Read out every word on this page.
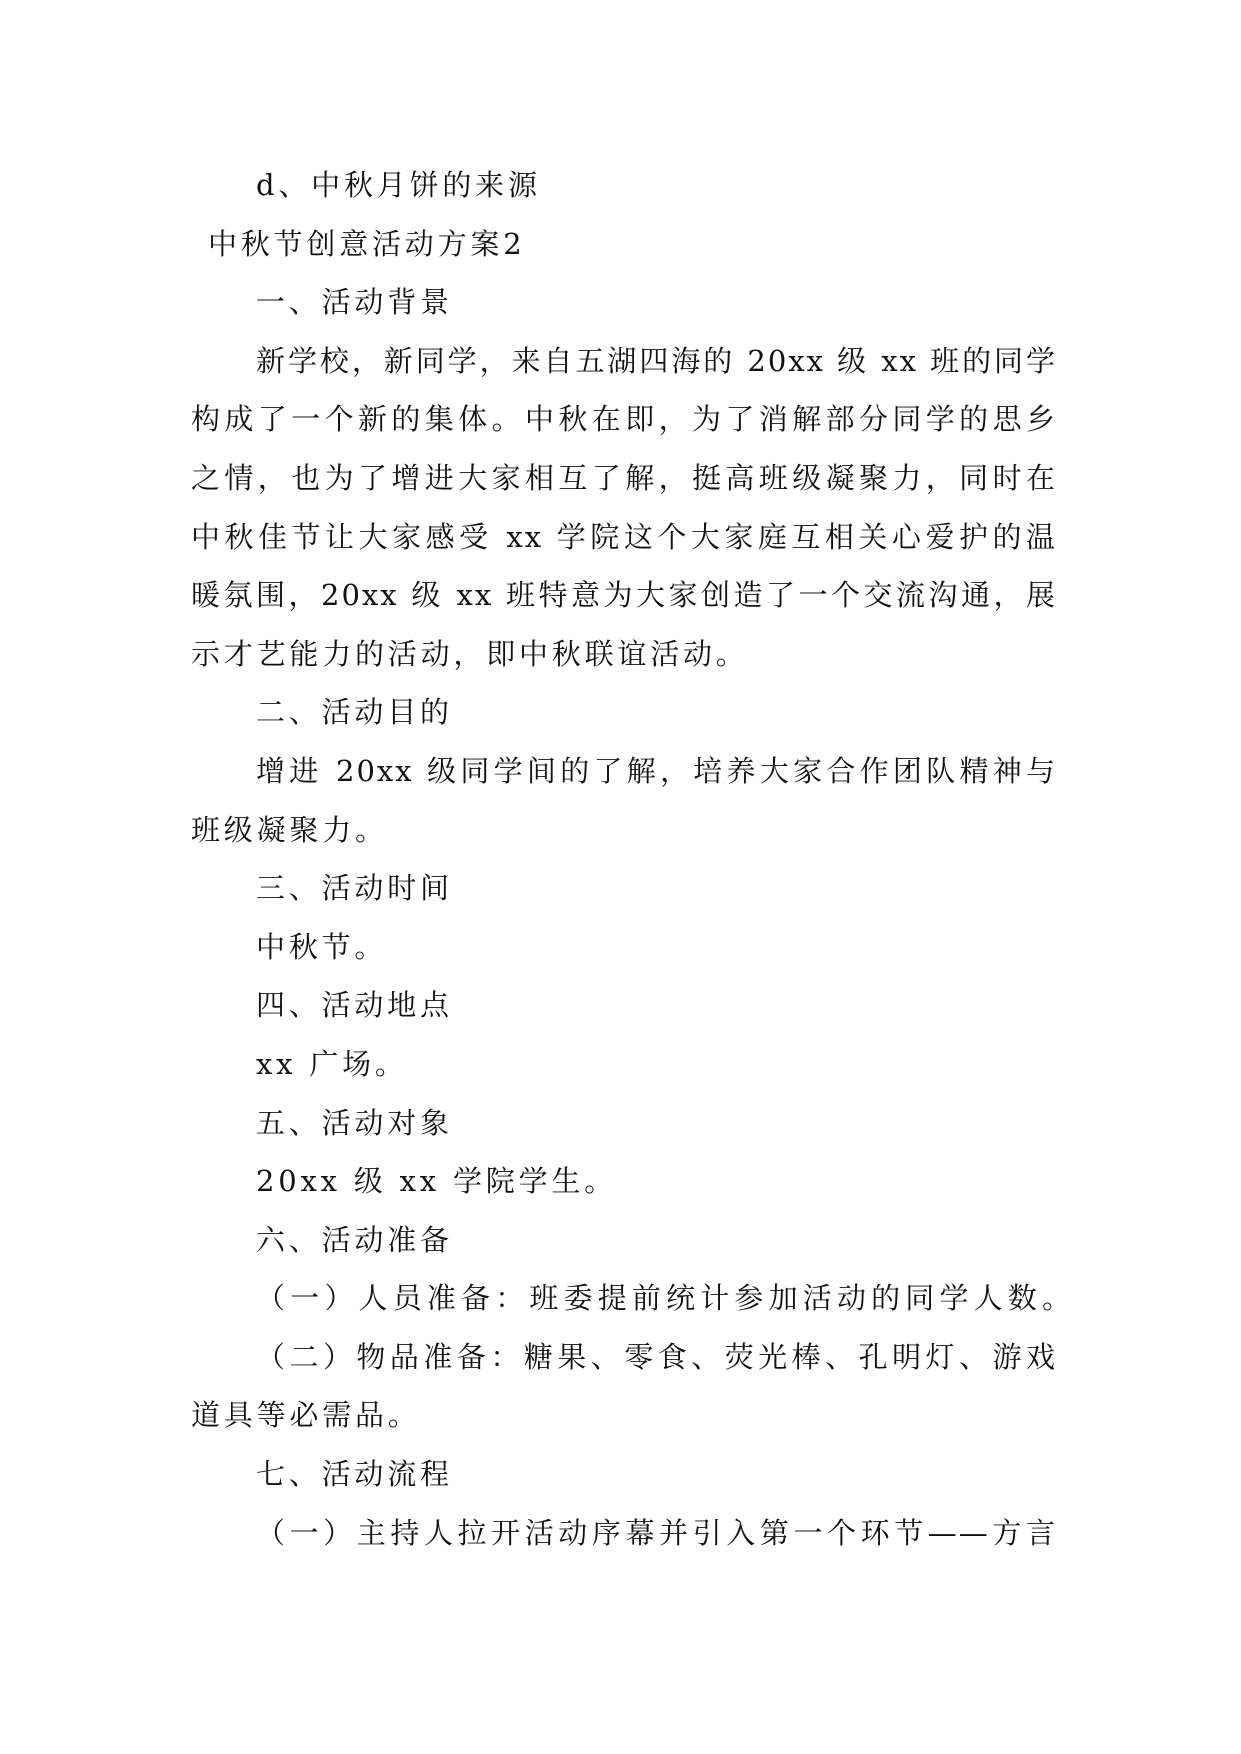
d、中秋月饼的来源
中秋节创意活动方案2
一、活动背景
新学校，新同学，来自五湖四海的 20xx 级 xx 班的同学
构成了一个新的集体。中秋在即，为了消解部分同学的思乡
之情，也为了增进大家相互了解，挺高班级凝聚力，同时在
中秋佳节让大家感受 xx 学院这个大家庭互相关心爱护的温
暖氛围，20xx 级 xx 班特意为大家创造了一个交流沟通，展
示才艺能力的活动，即中秋联谊活动。
二、活动目的
增进 20xx 级同学间的了解，培养大家合作团队精神与
班级凝聚力。
三、活动时间
中秋节。
四、活动地点
xx 广场。
五、活动对象
20xx 级 xx 学院学生。
六、活动准备
（一）人员准备：班委提前统计参加活动的同学人数。
（二）物品准备：糖果、零食、荧光棒、孔明灯、游戏
道具等必需品。
七、活动流程
（一）主持人拉开活动序幕并引入第一个环节——方言
